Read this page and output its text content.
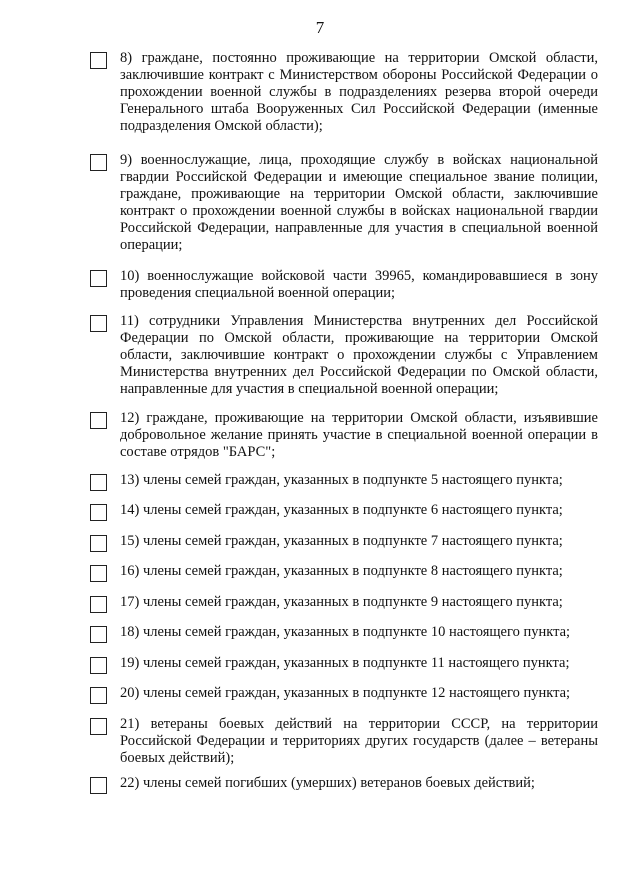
7
8) граждане, постоянно проживающие на территории Омской области, заключившие контракт с Министерством обороны Российской Федерации о прохождении военной службы в подразделениях резерва второй очереди Генерального штаба Вооруженных Сил Российской Федерации (именные подразделения Омской области);
9) военнослужащие, лица, проходящие службу в войсках национальной гвардии Российской Федерации и имеющие специальное звание полиции, граждане, проживающие на территории Омской области, заключившие контракт о прохождении военной службы в войсках национальной гвардии Российской Федерации, направленные для участия в специальной военной операции;
10) военнослужащие войсковой части 39965, командировавшиеся в зону проведения специальной военной операции;
11) сотрудники Управления Министерства внутренних дел Российской Федерации по Омской области, проживающие на территории Омской области, заключившие контракт о прохождении службы с Управлением Министерства внутренних дел Российской Федерации по Омской области, направленные для участия в специальной военной операции;
12) граждане, проживающие на территории Омской области, изъявившие добровольное желание принять участие в специальной военной операции в составе отрядов "БАРС";
13) члены семей граждан, указанных в подпункте 5 настоящего пункта;
14) члены семей граждан, указанных в подпункте 6 настоящего пункта;
15) члены семей граждан, указанных в подпункте 7 настоящего пункта;
16) члены семей граждан, указанных в подпункте 8 настоящего пункта;
17) члены семей граждан, указанных в подпункте 9 настоящего пункта;
18) члены семей граждан, указанных в подпункте 10 настоящего пункта;
19) члены семей граждан, указанных в подпункте 11 настоящего пункта;
20) члены семей граждан, указанных в подпункте 12 настоящего пункта;
21) ветераны боевых действий на территории СССР, на территории Российской Федерации и территориях других государств (далее – ветераны боевых действий);
22) члены семей погибших (умерших) ветеранов боевых действий;
